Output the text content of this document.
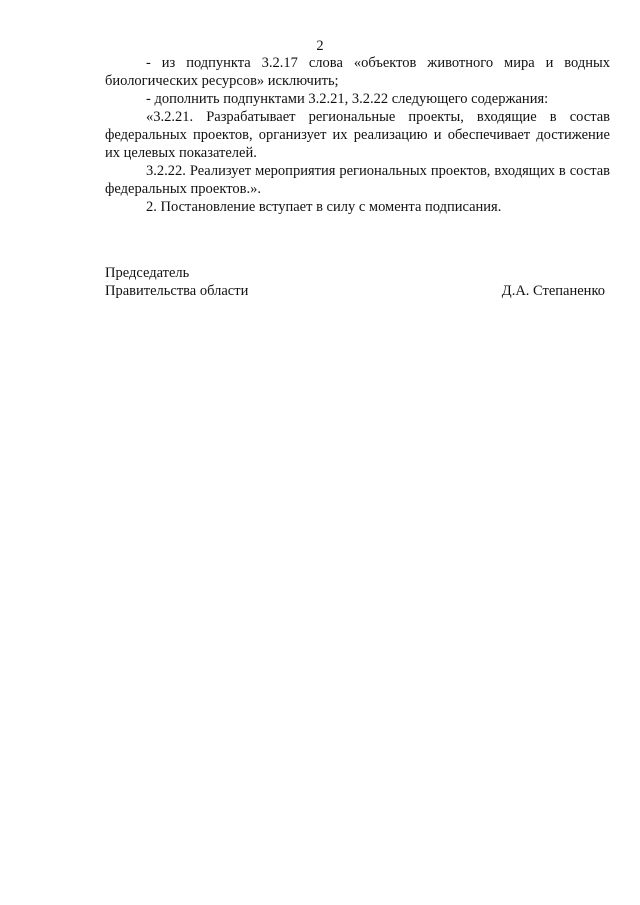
2

- из подпункта 3.2.17 слова «объектов животного мира и водных биологических ресурсов» исключить;

- дополнить подпунктами 3.2.21, 3.2.22 следующего содержания:

«3.2.21. Разрабатывает региональные проекты, входящие в состав федеральных проектов, организует их реализацию и обеспечивает достижение их целевых показателей.

3.2.22. Реализует мероприятия региональных проектов, входящих в состав федеральных проектов.».

2. Постановление вступает в силу с момента подписания.

Председатель
Правительства области	Д.А. Степаненко
